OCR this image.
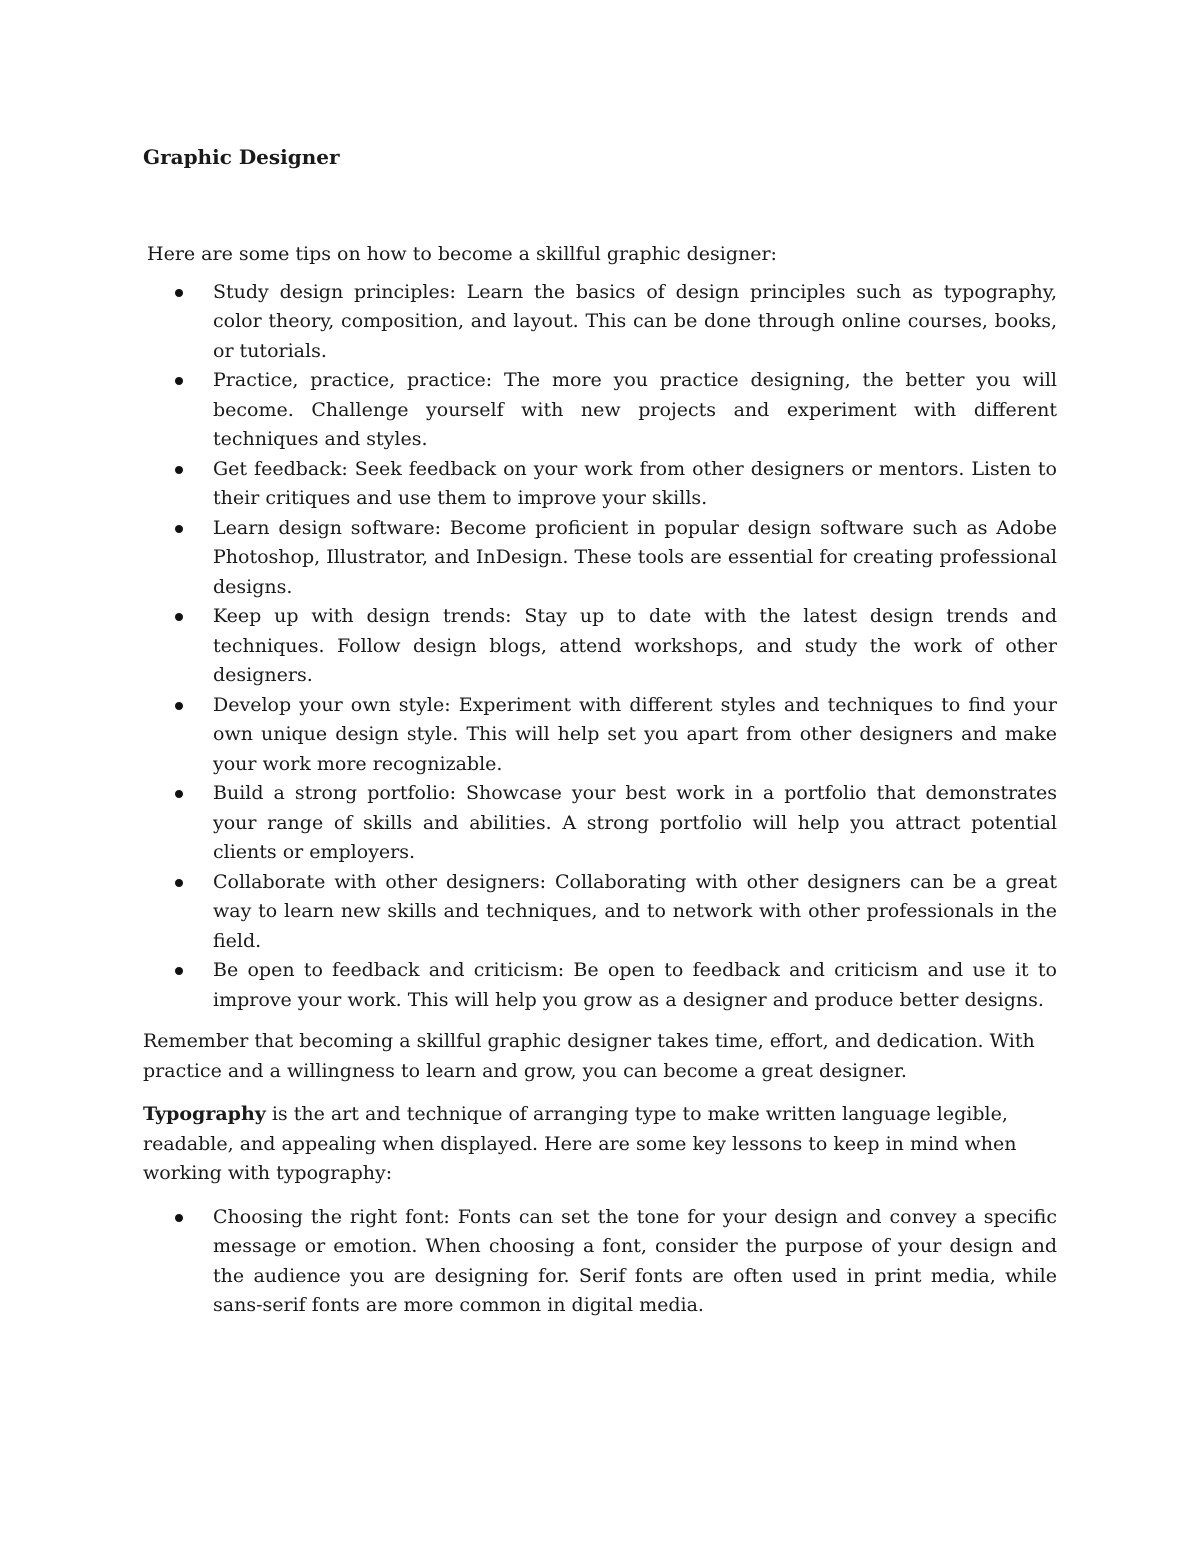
Graphic Designer
Here are some tips on how to become a skillful graphic designer:
Study design principles: Learn the basics of design principles such as typography, color theory, composition, and layout. This can be done through online courses, books, or tutorials.
Practice, practice, practice: The more you practice designing, the better you will become. Challenge yourself with new projects and experiment with different techniques and styles.
Get feedback: Seek feedback on your work from other designers or mentors. Listen to their critiques and use them to improve your skills.
Learn design software: Become proficient in popular design software such as Adobe Photoshop, Illustrator, and InDesign. These tools are essential for creating professional designs.
Keep up with design trends: Stay up to date with the latest design trends and techniques. Follow design blogs, attend workshops, and study the work of other designers.
Develop your own style: Experiment with different styles and techniques to find your own unique design style. This will help set you apart from other designers and make your work more recognizable.
Build a strong portfolio: Showcase your best work in a portfolio that demonstrates your range of skills and abilities. A strong portfolio will help you attract potential clients or employers.
Collaborate with other designers: Collaborating with other designers can be a great way to learn new skills and techniques, and to network with other professionals in the field.
Be open to feedback and criticism: Be open to feedback and criticism and use it to improve your work. This will help you grow as a designer and produce better designs.

Remember that becoming a skillful graphic designer takes time, effort, and dedication. With practice and a willingness to learn and grow, you can become a great designer.

Typography is the art and technique of arranging type to make written language legible, readable, and appealing when displayed. Here are some key lessons to keep in mind when working with typography:

Choosing the right font: Fonts can set the tone for your design and convey a specific message or emotion. When choosing a font, consider the purpose of your design and the audience you are designing for. Serif fonts are often used in print media, while sans-serif fonts are more common in digital media.
